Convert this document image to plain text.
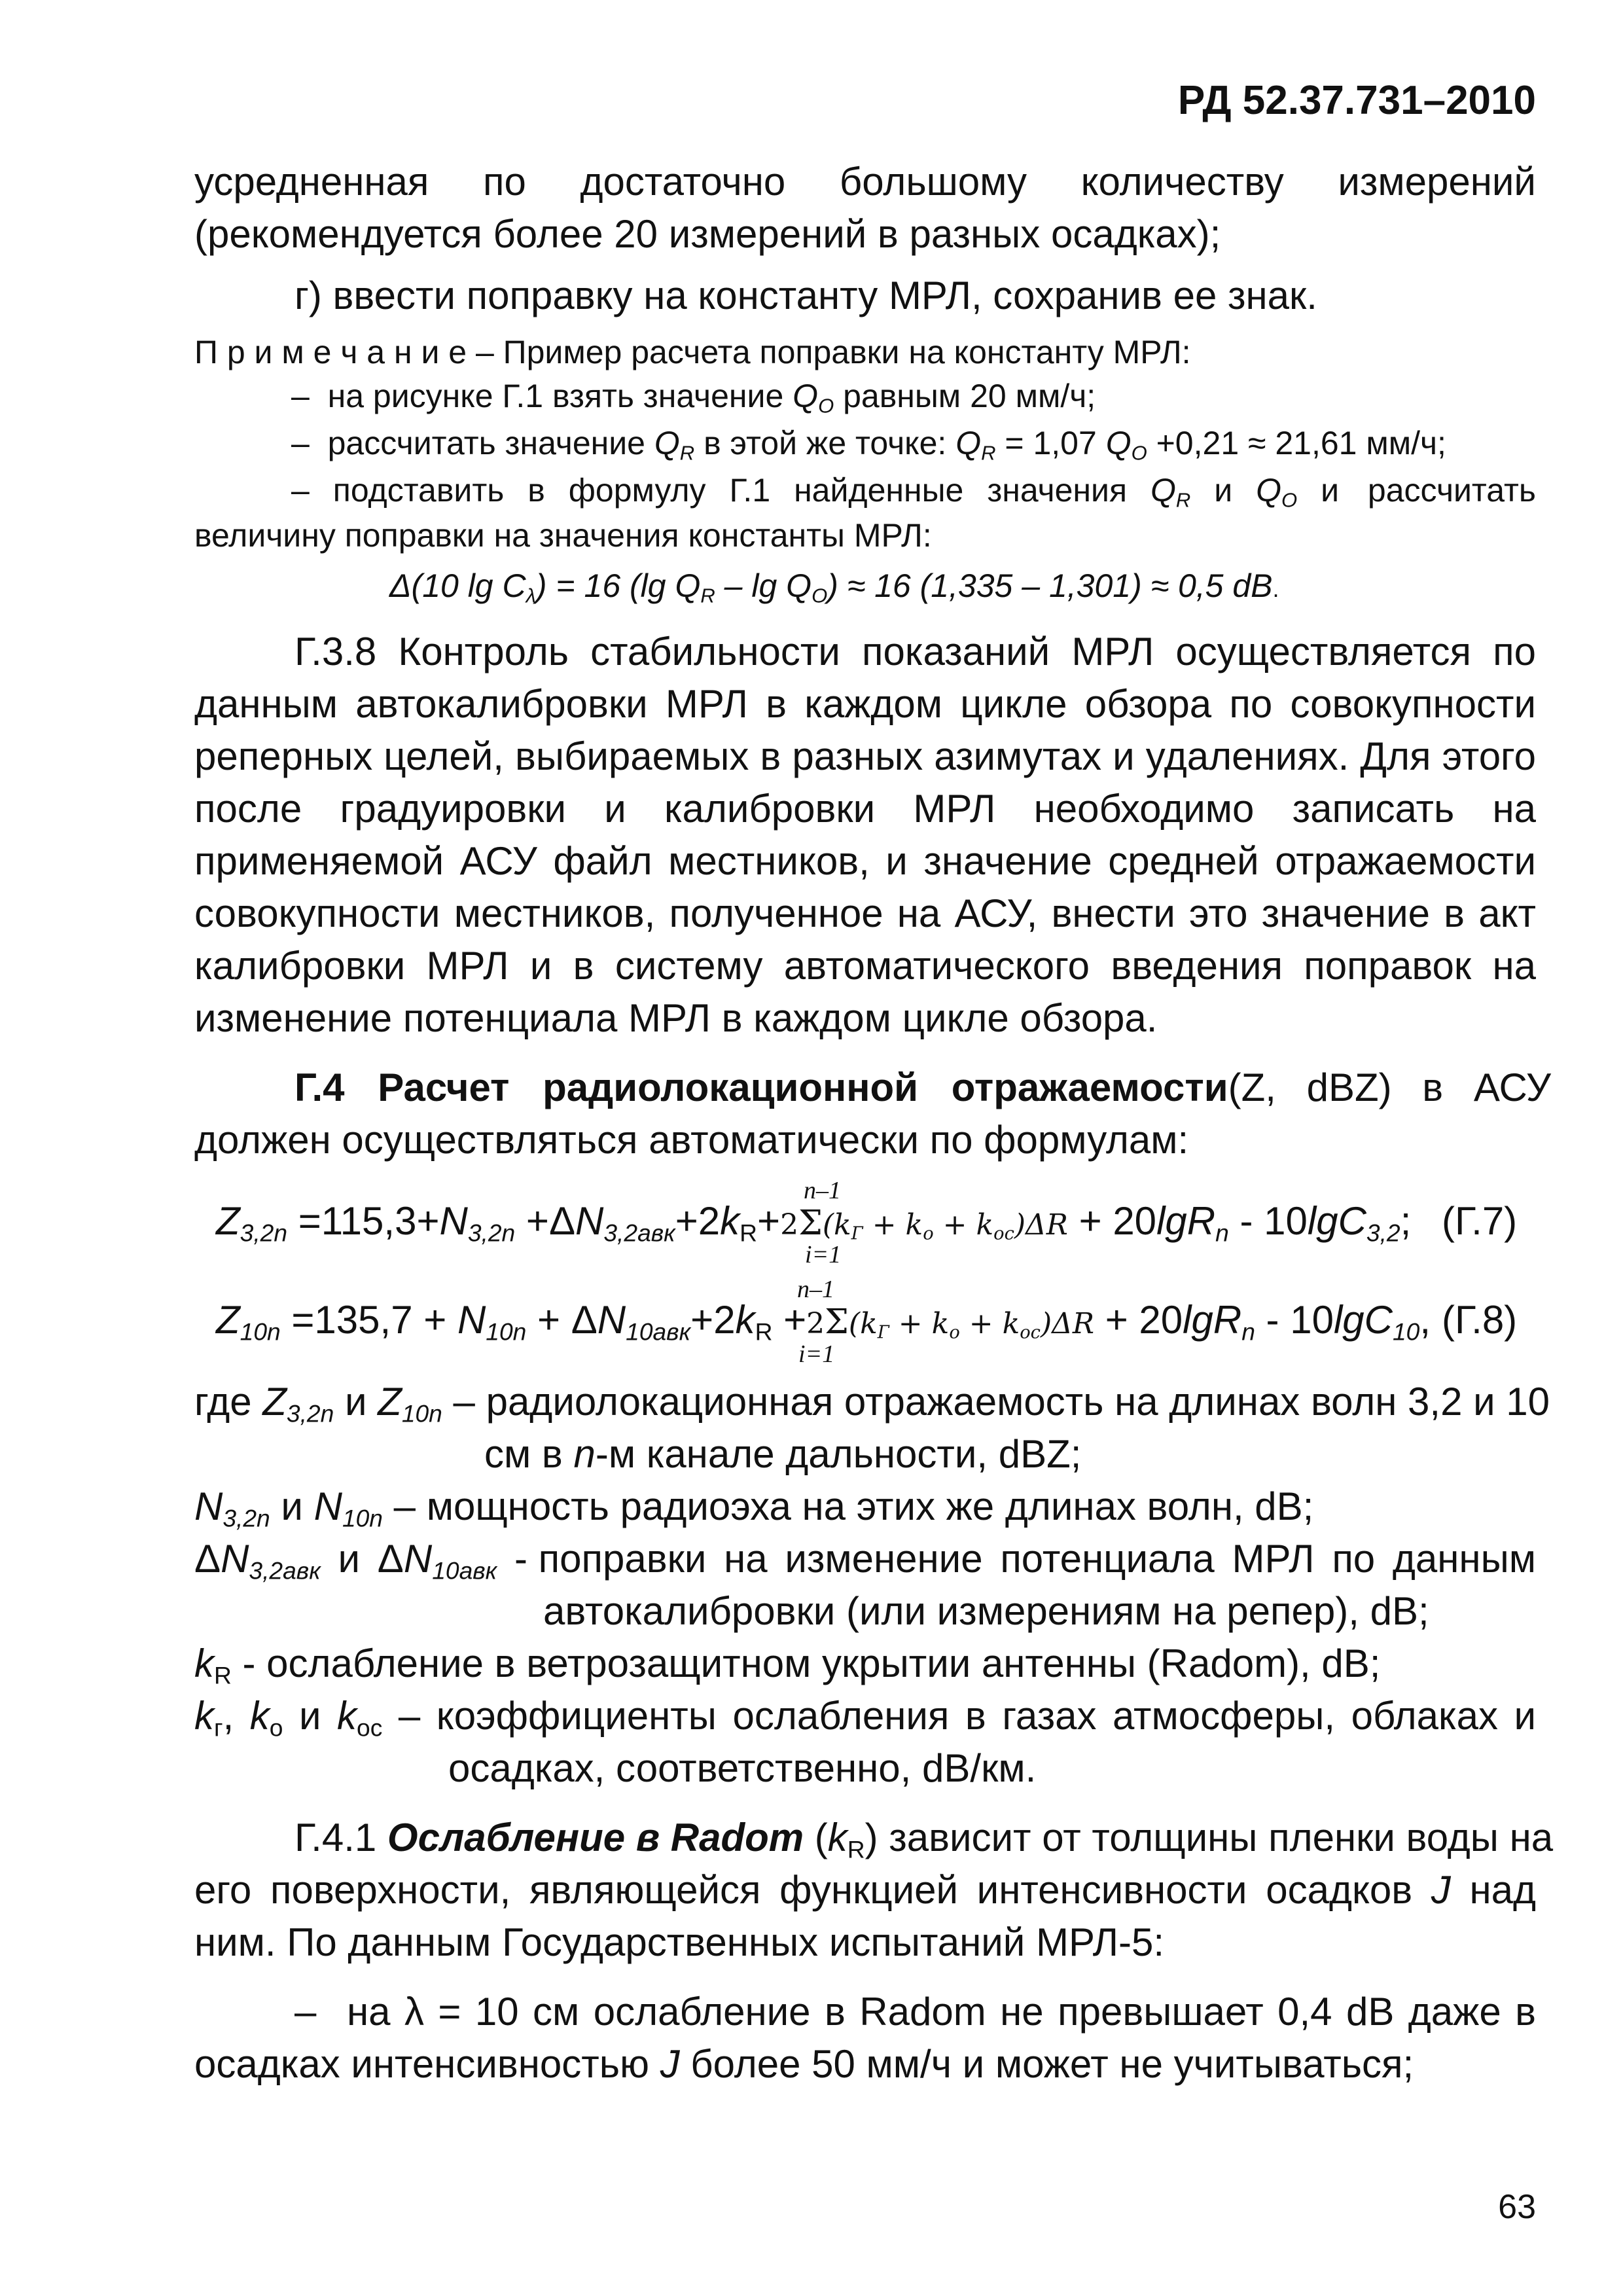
РД 52.37.731–2010
усредненная по достаточно большому количеству измерений
(рекомендуется более 20 измерений в разных осадках);
г) ввести поправку на константу МРЛ, сохранив ее знак.
П р и м е ч а н и е – Пример расчета поправки на константу МРЛ:
– на рисунке Г.1 взять значение $Q_O$ равным 20 мм/ч;
– рассчитать значение $Q_R$ в этой же точке: $Q_R = 1,07$ $Q_O +0,21 \approx 21,61$ мм/ч;
– подставить в формулу Г.1 найденные значения $Q_R$ и $Q_O$ и рассчитать
величину поправки на значения константы МРЛ:
Δ(10 $\lg C_\lambda) = 16$ (lg $Q_R - \lg Q_O) \approx 16$ (1,335 – 1,301) ≈ 0,5 dB.
Г.3.8 Контроль стабильности показаний МРЛ осуществляется по
данным автокалибровки МРЛ в каждом цикле обзора по совокупности
реперных целей, выбираемых в разных азимутах и удалениях. Для этого
после градуировки и калибровки МРЛ необходимо записать на
применяемой АСУ файл местников, и значение средней отражаемости
совокупности местников, полученное на АСУ, внести это значение в акт
калибровки МРЛ и в систему автоматического введения поправок на
изменение потенциала МРЛ в каждом цикле обзора.
Г.4 Расчет радиолокационной отражаемости (Z, dBZ) в АСУ
должен осуществляться автоматически по формулам:
n–1
i=1
$Z_{3,2n} =115,3+N_{3,2n} +\Delta N_{3,2авк}+2k_R+2\Sigma(k_Г + k_o + k_{oc})\Delta R + 20\lg R_n - 10\lg C_{3,2}$; (Г.7)
n–1
i=1
$Z_{10n} =135,7 + N_{10n} + \Delta N_{10авк}+2k_R +2\Sigma(k_Г + k_o + k_{oc})\Delta R + 20\lg R_n - 10\lg C_{10}$, (Г.8)
где $Z_{3,2n}$ и $Z_{10n}$ – радиолокационная отражаемость на длинах волн 3,2 и 10
см в n-м канале дальности, dBZ;
$N_{3,2n}$ и $N_{10n}$ – мощность радиоэха на этих же длинах волн, dB;
$\Delta N_{3,2авк}$ и $\Delta N_{10авк}$ - поправки на изменение потенциала МРЛ по данным
автокалибровки (или измерениям на репер), dB;
$k_R$ - ослабление в ветрозащитном укрытии антенны (Radom), dB;
$k_г$, $k_o$ и $k_{oc}$ – коэффициенты ослабления в газах атмосферы, облаках и
осадках, соответственно, dB/км.
Г.4.1 Ослабление в Radom $(k_R)$ зависит от толщины пленки воды на
его поверхности, являющейся функцией интенсивности осадков J над
ним. По данным Государственных испытаний МРЛ-5:
– на λ = 10 см ослабление в Radom не превышает 0,4 dB даже в
осадках интенсивностью J более 50 мм/ч и может не учитываться;
63
